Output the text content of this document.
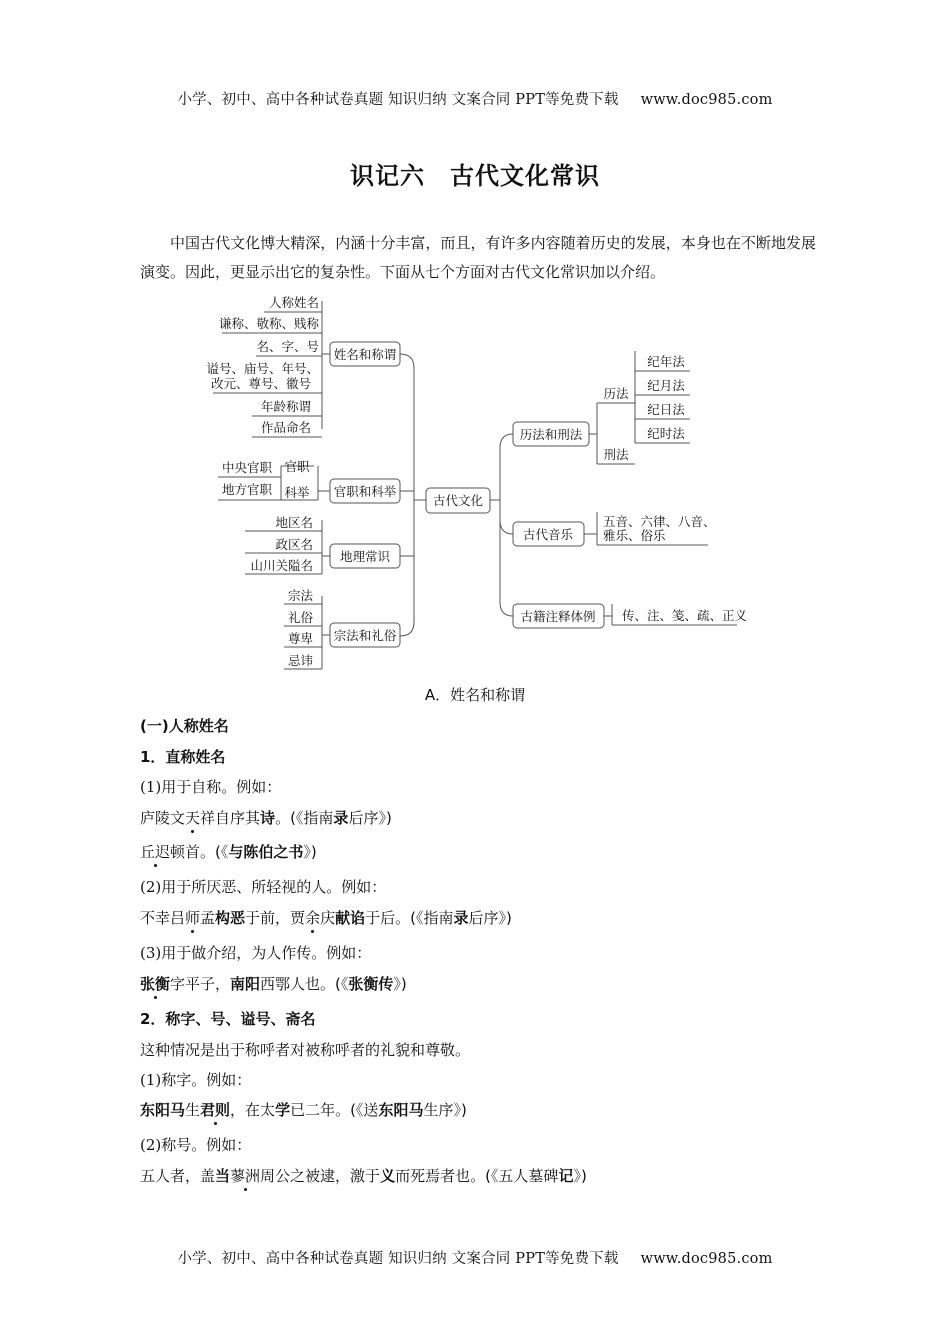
小学、初中、高中各种试卷真题 知识归纳 文案合同 PPT等免费下载 www.doc985.com
识记六　古代文化常识

中国古代文化博大精深，内涵十分丰富，而且，有许多内容随着历史的发展，本身也在不断地发展演变。因此，更显示出它的复杂性。下面从七个方面对古代文化常识加以介绍。

古代文化
姓名和称谓
官职和科举
地理常识
宗法和礼俗
人称姓名
谦称、敬称、贱称
名、字、号
谥号、庙号、年号、
改元、尊号、徽号
年龄称谓
作品命名
官职
科举
中央官职
地方官职
地区名
政区名
山川关隘名
宗法
礼俗
尊卑
忌讳
历法和刑法
古代音乐
古籍注释体例
历法
刑法
纪年法
纪月法
纪日法
纪时法
五音、六律、八音、
雅乐、俗乐
传、注、笺、疏、正义

A．姓名和称谓

(一)人称姓名

1．直称姓名

(1)用于自称。例如：

庐陵文天祥自序其诗。(《指南录后序》)

丘迟顿首。(《与陈伯之书》)

(2)用于所厌恶、所轻视的人。例如：

不幸吕师孟构恶于前，贾余庆献谄于后。(《指南录后序》)

(3)用于做介绍，为人作传。例如：

张衡字平子，南阳西鄂人也。(《张衡传》)

2．称字、号、谥号、斋名

这种情况是出于称呼者对被称呼者的礼貌和尊敬。

(1)称字。例如：

东阳马生君则，在太学已二年。(《送东阳马生序》)

(2)称号。例如：

五人者，盖当蓼洲周公之被逮，激于义而死焉者也。(《五人墓碑记》)

小学、初中、高中各种试卷真题 知识归纳 文案合同 PPT等免费下载 www.doc985.com
